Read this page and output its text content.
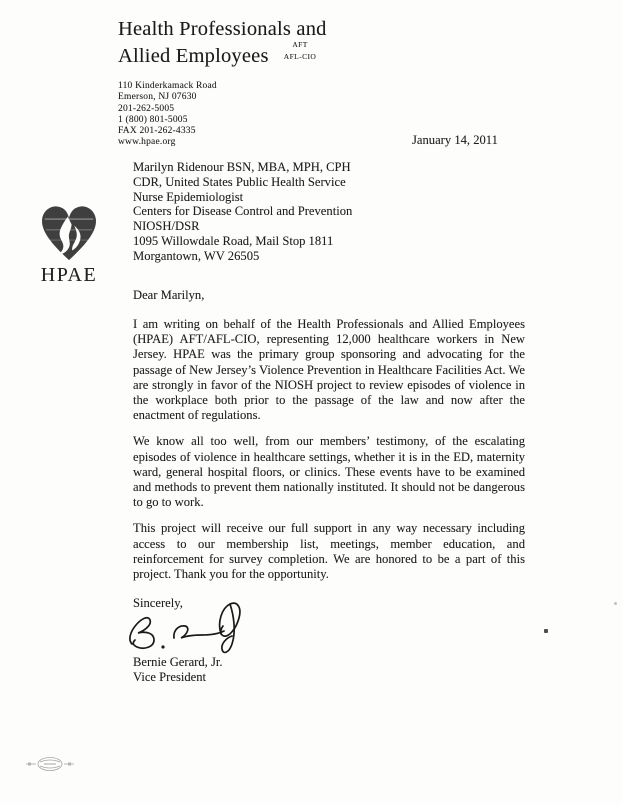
Health Professionals and
Allied Employees
AFT
AFL-CIO
110 Kinderkamack Road
Emerson, NJ 07630
201-262-5005
1 (800) 801-5005
FAX 201-262-4335
www.hpae.org	January 14, 2011
Marilyn Ridenour BSN, MBA, MPH, CPH
CDR, United States Public Health Service
Nurse Epidemiologist
Centers for Disease Control and Prevention
NIOSH/DSR
1095 Willowdale Road, Mail Stop 1811
Morgantown, WV 26505
HPAE
Dear Marilyn,

I am writing on behalf of the Health Professionals and Allied Employees (HPAE) AFT/AFL-CIO, representing 12,000 healthcare workers in New Jersey. HPAE was the primary group sponsoring and advocating for the passage of New Jersey’s Violence Prevention in Healthcare Facilities Act. We are strongly in favor of the NIOSH project to review episodes of violence in the workplace both prior to the passage of the law and now after the enactment of regulations.

We know all too well, from our members’ testimony, of the escalating episodes of violence in healthcare settings, whether it is in the ED, maternity ward, general hospital floors, or clinics. These events have to be examined and methods to prevent them nationally instituted. It should not be dangerous to go to work.

This project will receive our full support in any way necessary including access to our membership list, meetings, member education, and reinforcement for survey completion. We are honored to be a part of this project. Thank you for the opportunity.

Sincerely,
Bernie Gerard, Jr.
Vice President
